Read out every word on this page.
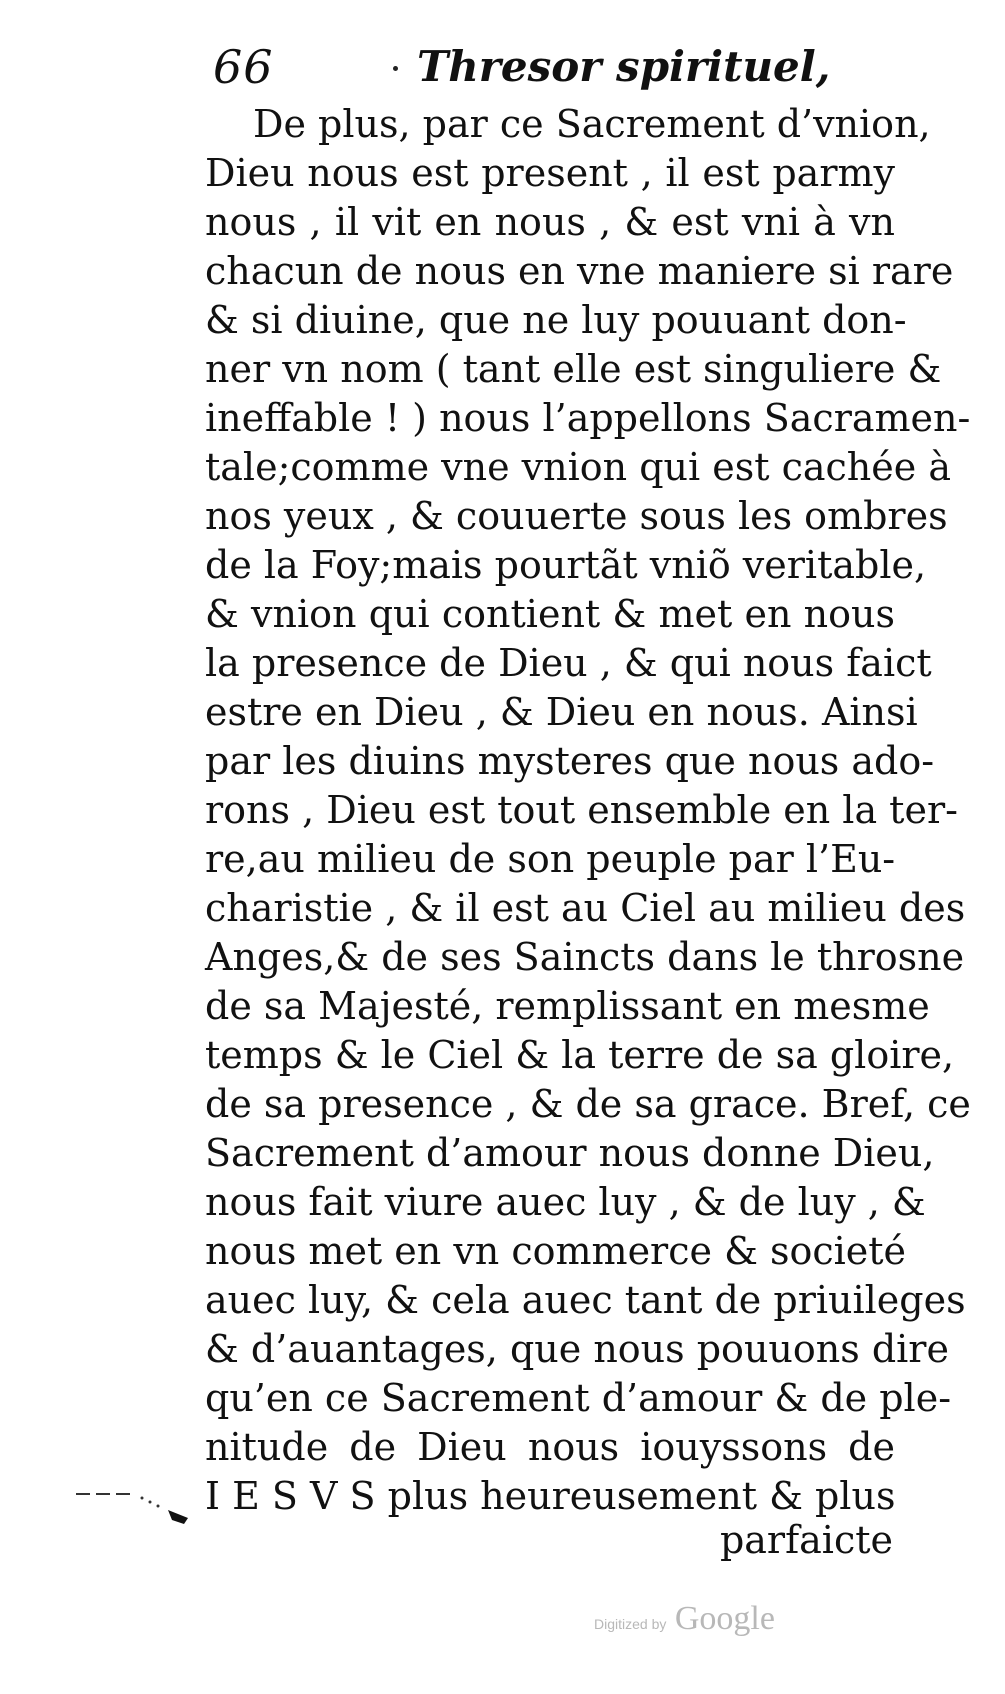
66	Thresor spirituel,
De plus, par ce Sacrement d’vnion,
Dieu nous est present , il est parmy
nous , il vit en nous , & est vni à vn
chacun de nous en vne maniere si rare
& si diuine, que ne luy pouuant don-
ner vn nom ( tant elle est singuliere &
ineffable ! ) nous l’appellons Sacramen-
tale;comme vne vnion qui est cachée à
nos yeux , & couuerte sous les ombres
de la Foy;mais pourtãt vniõ veritable,
& vnion qui contient & met en nous
la presence de Dieu , & qui nous faict
estre en Dieu , & Dieu en nous. Ainsi
par les diuins mysteres que nous ado-
rons , Dieu est tout ensemble en la ter-
re,au milieu de son peuple par l’Eu-
charistie , & il est au Ciel au milieu des
Anges,& de ses Saincts dans le throsne
de sa Majesté, remplissant en mesme
temps & le Ciel & la terre de sa gloire,
de sa presence , & de sa grace. Bref, ce
Sacrement d’amour nous donne Dieu,
nous fait viure auec luy , & de luy , &
nous met en vn commerce & societé
auec luy, & cela auec tant de priuileges
& d’auantages, que nous pouuons dire
qu’en ce Sacrement d’amour & de ple-
nitude de Dieu nous iouyssons de
I E S V S plus heureusement & plus
parfaicte
Digitized by Google
